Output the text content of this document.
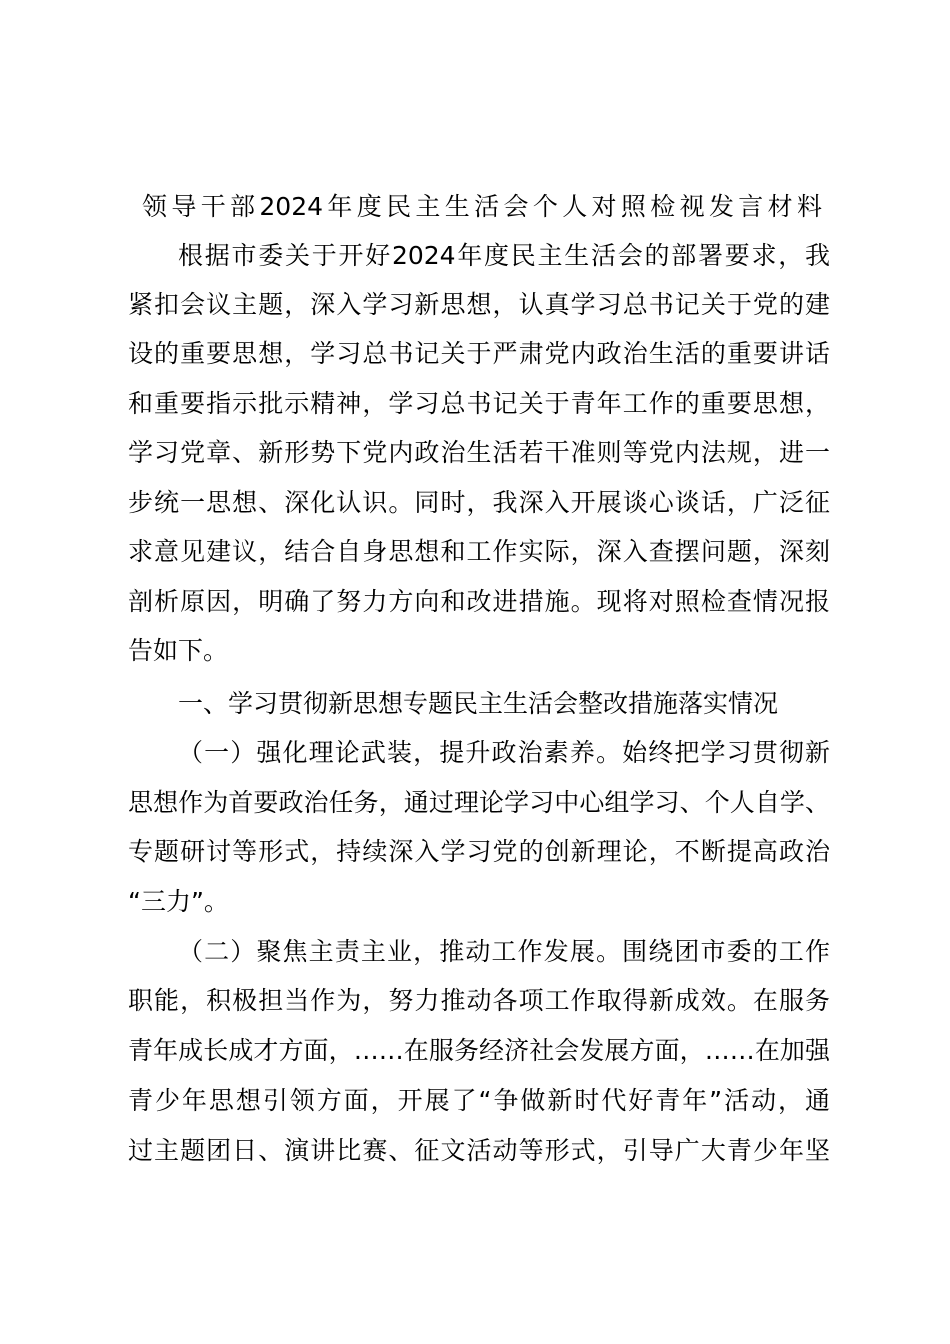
领导干部2024年度民主生活会个人对照检视发言材料

根据市委关于开好2024年度民主生活会的部署要求，我

紧扣会议主题，深入学习新思想，认真学习总书记关于党的建

设的重要思想，学习总书记关于严肃党内政治生活的重要讲话

和重要指示批示精神，学习总书记关于青年工作的重要思想，

学习党章、新形势下党内政治生活若干准则等党内法规，进一

步统一思想、深化认识。同时，我深入开展谈心谈话，广泛征

求意见建议，结合自身思想和工作实际，深入查摆问题，深刻

剖析原因，明确了努力方向和改进措施。现将对照检查情况报

告如下。

一、学习贯彻新思想专题民主生活会整改措施落实情况

（一）强化理论武装，提升政治素养。始终把学习贯彻新

思想作为首要政治任务，通过理论学习中心组学习、个人自学、

专题研讨等形式，持续深入学习党的创新理论，不断提高政治

“三力”。

（二）聚焦主责主业，推动工作发展。围绕团市委的工作

职能，积极担当作为，努力推动各项工作取得新成效。在服务

青年成长成才方面，……在服务经济社会发展方面，……在加强

青少年思想引领方面，开展了“争做新时代好青年”活动，通

过主题团日、演讲比赛、征文活动等形式，引导广大青少年坚
